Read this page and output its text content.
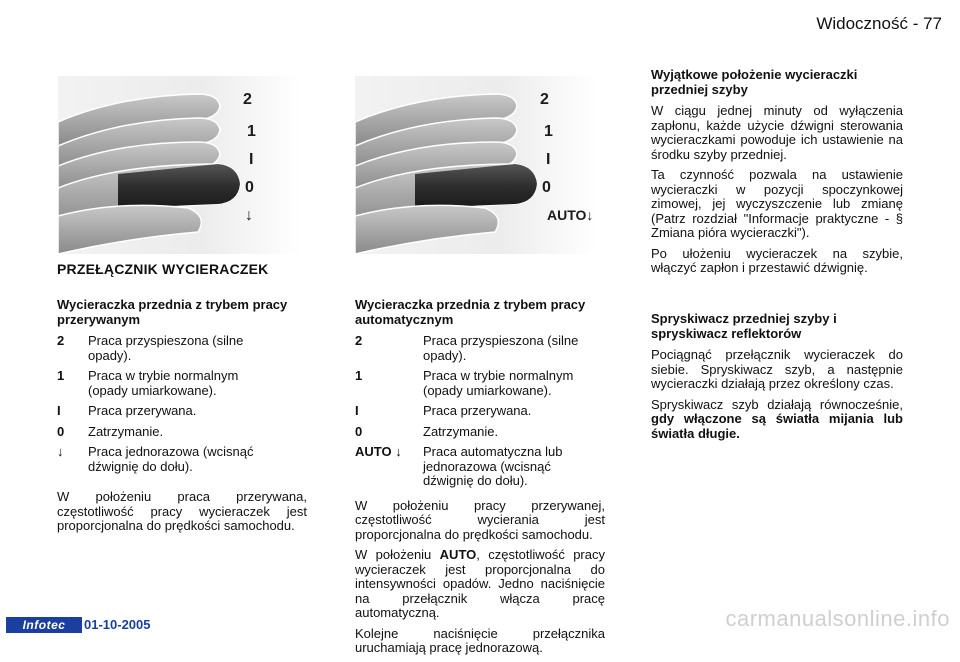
Widoczność - 77
2
1
I
0
↓
2
1
I
0
AUTO↓
PRZEŁĄCZNIK WYCIERACZEK
Wycieraczka przednia z trybem pracy przerywanym
2	Praca przyspieszona (silne opady).
1	Praca w trybie normalnym (opady umiarkowane).
I	Praca przerywana.
0	Zatrzymanie.
↓	Praca jednorazowa (wcisnąć dźwignię do dołu).

W położeniu praca przerywana, częstotliwość pracy wycieraczek jest proporcjonalna do prędkości samochodu.

Wycieraczka przednia z trybem pracy automatycznym
2	Praca przyspieszona (silne opady).
1	Praca w trybie normalnym (opady umiarkowane).
I	Praca przerywana.
0	Zatrzymanie.
AUTO ↓	Praca automatyczna lub jednorazowa (wcisnąć dźwignię do dołu).

W położeniu pracy przerywanej, częstotliwość wycierania jest proporcjonalna do prędkości samochodu.

W położeniu AUTO, częstotliwość pracy wycieraczek jest proporcjonalna do intensywności opadów. Jedno naciśnięcie na przełącznik włącza pracę automatyczną.

Kolejne naciśnięcie przełącznika uruchamiają pracę jednorazową.

Wyjątkowe położenie wycieraczki przedniej szyby

W ciągu jednej minuty od wyłączenia zapłonu, każde użycie dźwigni sterowania wycieraczkami powoduje ich ustawienie na środku szyby przedniej.

Ta czynność pozwala na ustawienie wycieraczki w pozycji spoczynkowej zimowej, jej wyczyszczenie lub zmianę (Patrz rozdział "Informacje praktyczne - § Zmiana pióra wycieraczki").

Po ułożeniu wycieraczek na szybie, włączyć zapłon i przestawić dźwignię.

Spryskiwacz przedniej szyby i spryskiwacz reflektorów

Pociągnąć przełącznik wycieraczek do siebie. Spryskiwacz szyb, a następnie wycieraczki działają przez określony czas.

Spryskiwacz szyb działają równocześnie, gdy włączone są światła mijania lub światła długie.

Infotec	01-10-2005	carmanualsonline.info
